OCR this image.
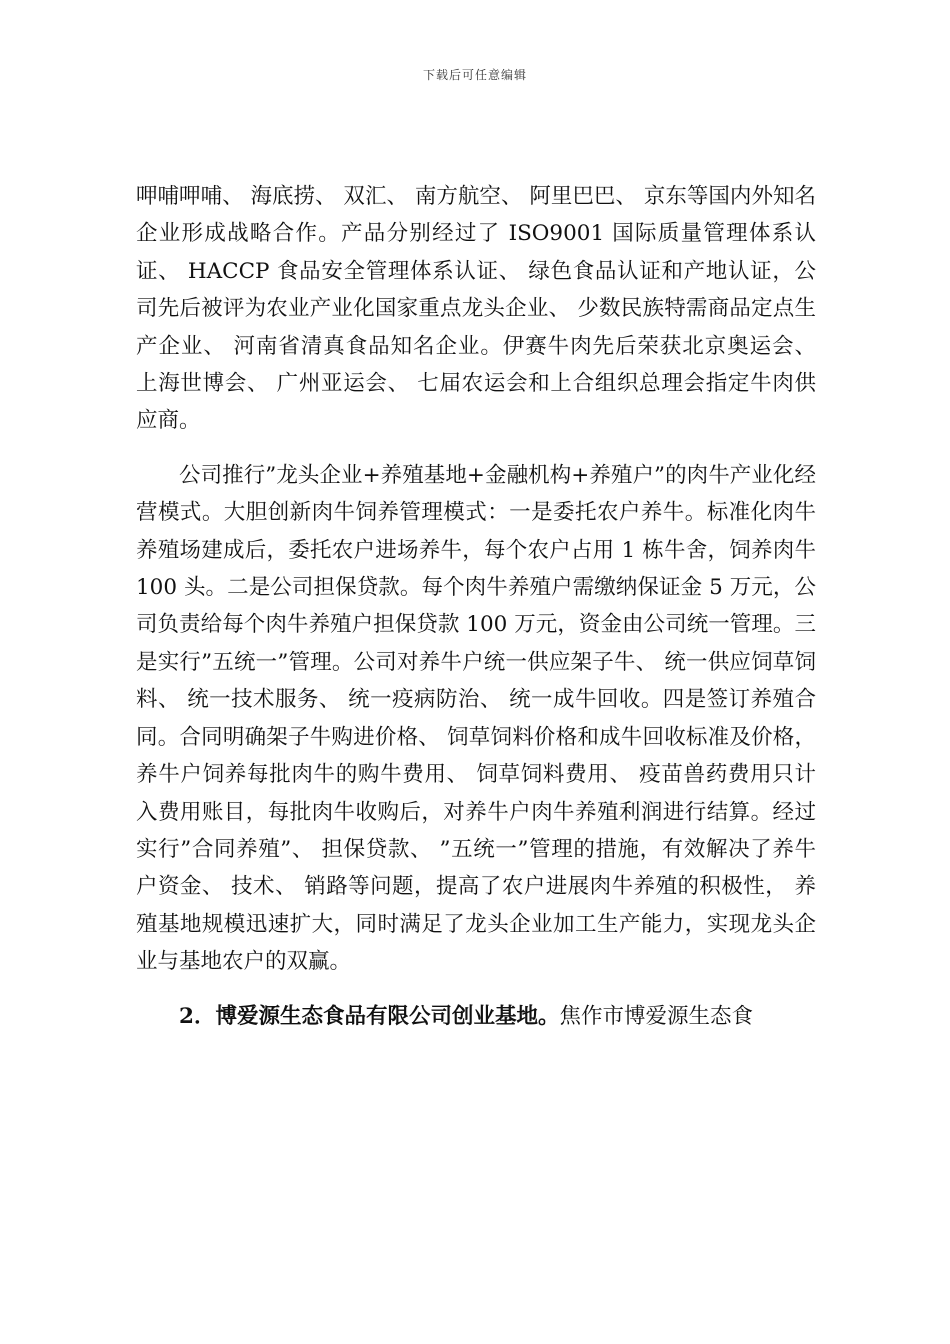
下载后可任意编辑

呷哺呷哺、 海底捞、 双汇、 南方航空、 阿里巴巴、 京东等国内外知名企业形成战略合作。产品分别经过了 ISO9001 国际质量管理体系认证、 HACCP 食品安全管理体系认证、 绿色食品认证和产地认证，公司先后被评为农业产业化国家重点龙头企业、 少数民族特需商品定点生产企业、 河南省清真食品知名企业。伊赛牛肉先后荣获北京奥运会、 上海世博会、 广州亚运会、 七届农运会和上合组织总理会指定牛肉供应商。

公司推行”龙头企业+养殖基地+金融机构+养殖户”的肉牛产业化经营模式。大胆创新肉牛饲养管理模式：一是委托农户养牛。标准化肉牛养殖场建成后，委托农户进场养牛，每个农户占用 1 栋牛舍，饲养肉牛 100 头。二是公司担保贷款。每个肉牛养殖户需缴纳保证金 5 万元，公司负责给每个肉牛养殖户担保贷款 100 万元，资金由公司统一管理。三是实行”五统一”管理。公司对养牛户统一供应架子牛、 统一供应饲草饲料、 统一技术服务、 统一疫病防治、 统一成牛回收。四是签订养殖合同。合同明确架子牛购进价格、 饲草饲料价格和成牛回收标准及价格，养牛户饲养每批肉牛的购牛费用、 饲草饲料费用、 疫苗兽药费用只计入费用账目，每批肉牛收购后，对养牛户肉牛养殖利润进行结算。经过实行”合同养殖”、 担保贷款、 ”五统一”管理的措施，有效解决了养牛户资金、 技术、 销路等问题，提高了农户进展肉牛养殖的积极性， 养殖基地规模迅速扩大，同时满足了龙头企业加工生产能力，实现龙头企业与基地农户的双赢。

2．博爱源生态食品有限公司创业基地。焦作市博爱源生态食
